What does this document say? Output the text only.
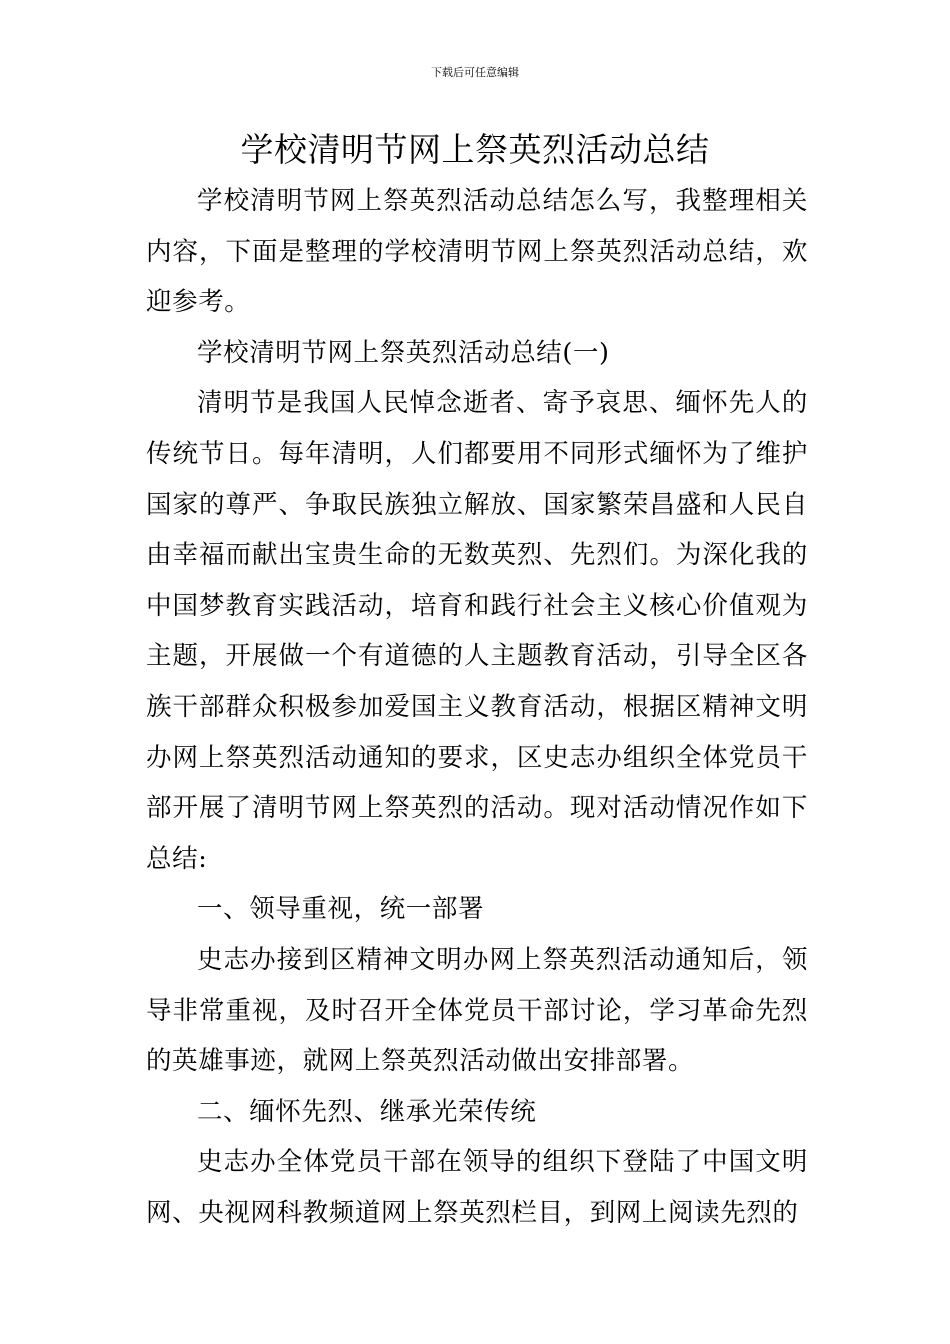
下载后可任意编辑
学校清明节网上祭英烈活动总结

学校清明节网上祭英烈活动总结怎么写，我整理相关内容，下面是整理的学校清明节网上祭英烈活动总结，欢迎参考。

学校清明节网上祭英烈活动总结(一)

清明节是我国人民悼念逝者、寄予哀思、缅怀先人的传统节日。每年清明，人们都要用不同形式缅怀为了维护国家的尊严、争取民族独立解放、国家繁荣昌盛和人民自由幸福而献出宝贵生命的无数英烈、先烈们。为深化我的中国梦教育实践活动，培育和践行社会主义核心价值观为主题，开展做一个有道德的人主题教育活动，引导全区各族干部群众积极参加爱国主义教育活动，根据区精神文明办网上祭英烈活动通知的要求，区史志办组织全体党员干部开展了清明节网上祭英烈的活动。现对活动情况作如下总结:

一、领导重视，统一部署

史志办接到区精神文明办网上祭英烈活动通知后，领导非常重视，及时召开全体党员干部讨论，学习革命先烈的英雄事迹，就网上祭英烈活动做出安排部署。

二、缅怀先烈、继承光荣传统

史志办全体党员干部在领导的组织下登陆了中国文明网、央视网科教频道网上祭英烈栏目，到网上阅读先烈的
